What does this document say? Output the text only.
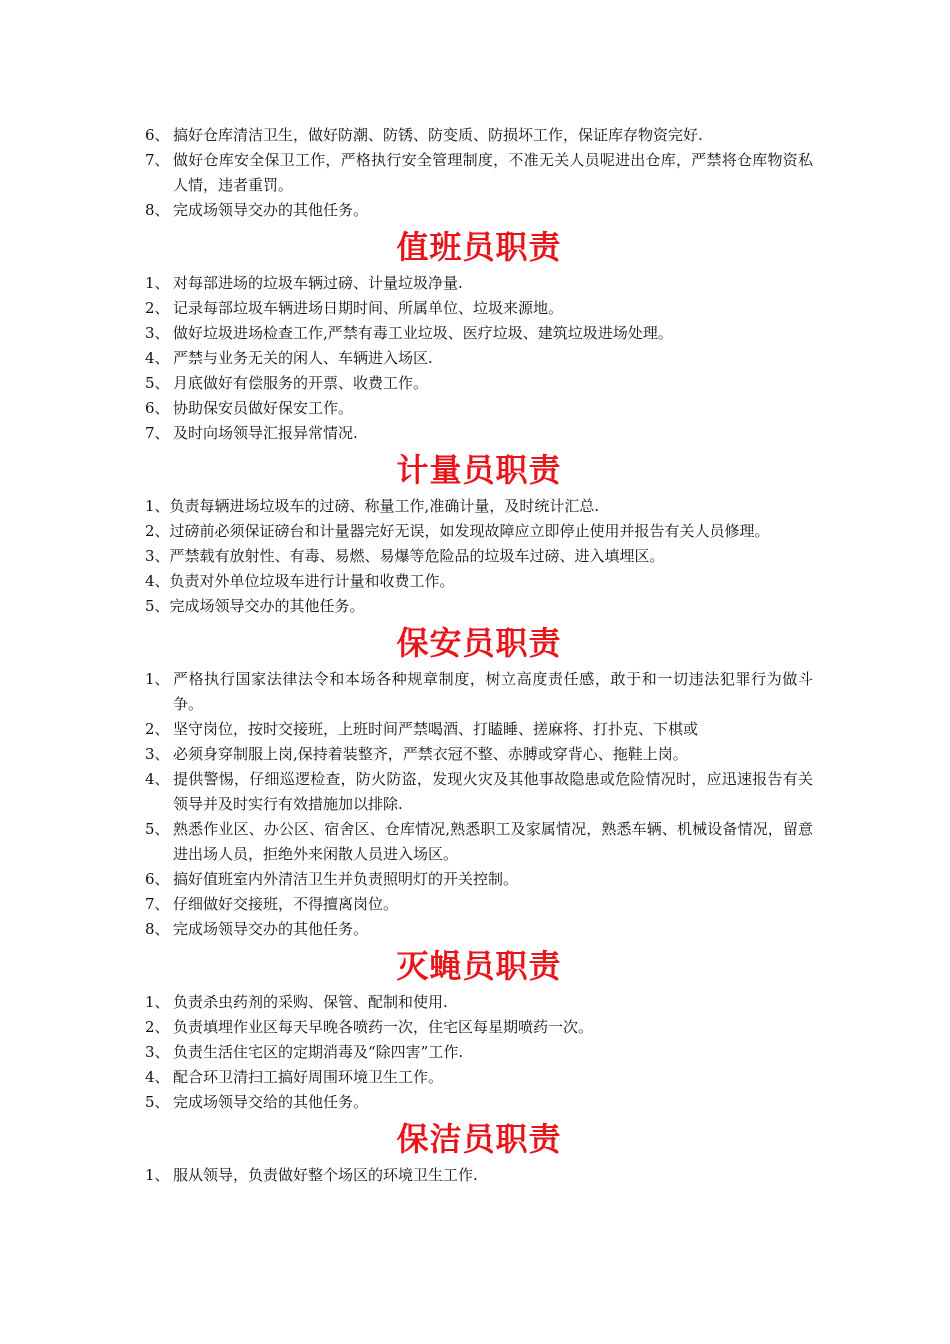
6、 搞好仓库清洁卫生，做好防潮、防锈、防变质、防损坏工作，保证库存物资完好.
7、 做好仓库安全保卫工作，严格执行安全管理制度，不准无关人员呢进出仓库，严禁将仓库物资私人情，违者重罚。
8、 完成场领导交办的其他任务。
值班员职责
1、 对每部进场的垃圾车辆过磅、计量垃圾净量.
2、 记录每部垃圾车辆进场日期时间、所属单位、垃圾来源地。
3、 做好垃圾进场检查工作,严禁有毒工业垃圾、医疗垃圾、建筑垃圾进场处理。
4、 严禁与业务无关的闲人、车辆进入场区.
5、 月底做好有偿服务的开票、收费工作。
6、 协助保安员做好保安工作。
7、 及时向场领导汇报异常情况.
计量员职责
1、 负责每辆进场垃圾车的过磅、称量工作,准确计量，及时统计汇总.
2、 过磅前必须保证磅台和计量器完好无误，如发现故障应立即停止使用并报告有关人员修理。
3、 严禁载有放射性、有毒、易燃、易爆等危险品的垃圾车过磅、进入填埋区。
4、 负责对外单位垃圾车进行计量和收费工作。
5、 完成场领导交办的其他任务。
保安员职责
1、 严格执行国家法律法令和本场各种规章制度，树立高度责任感，敢于和一切违法犯罪行为做斗争。
2、 坚守岗位，按时交接班，上班时间严禁喝酒、打瞌睡、搓麻将、打扑克、下棋或
3、 必须身穿制服上岗,保持着装整齐，严禁衣冠不整、赤膊或穿背心、拖鞋上岗。
4、 提供警惕，仔细巡逻检查，防火防盗，发现火灾及其他事故隐患或危险情况时，应迅速报告有关领导并及时实行有效措施加以排除.
5、 熟悉作业区、办公区、宿舍区、仓库情况,熟悉职工及家属情况，熟悉车辆、机械设备情况，留意进出场人员，拒绝外来闲散人员进入场区。
6、 搞好值班室内外清洁卫生并负责照明灯的开关控制。
7、 仔细做好交接班，不得擅离岗位。
8、 完成场领导交办的其他任务。
灭蝇员职责
1、 负责杀虫药剂的采购、保管、配制和使用.
2、 负责填埋作业区每天早晚各喷药一次，住宅区每星期喷药一次。
3、 负责生活住宅区的定期消毒及“除四害”工作.
4、 配合环卫清扫工搞好周围环境卫生工作。
5、 完成场领导交给的其他任务。
保洁员职责
1、 服从领导，负责做好整个场区的环境卫生工作.
